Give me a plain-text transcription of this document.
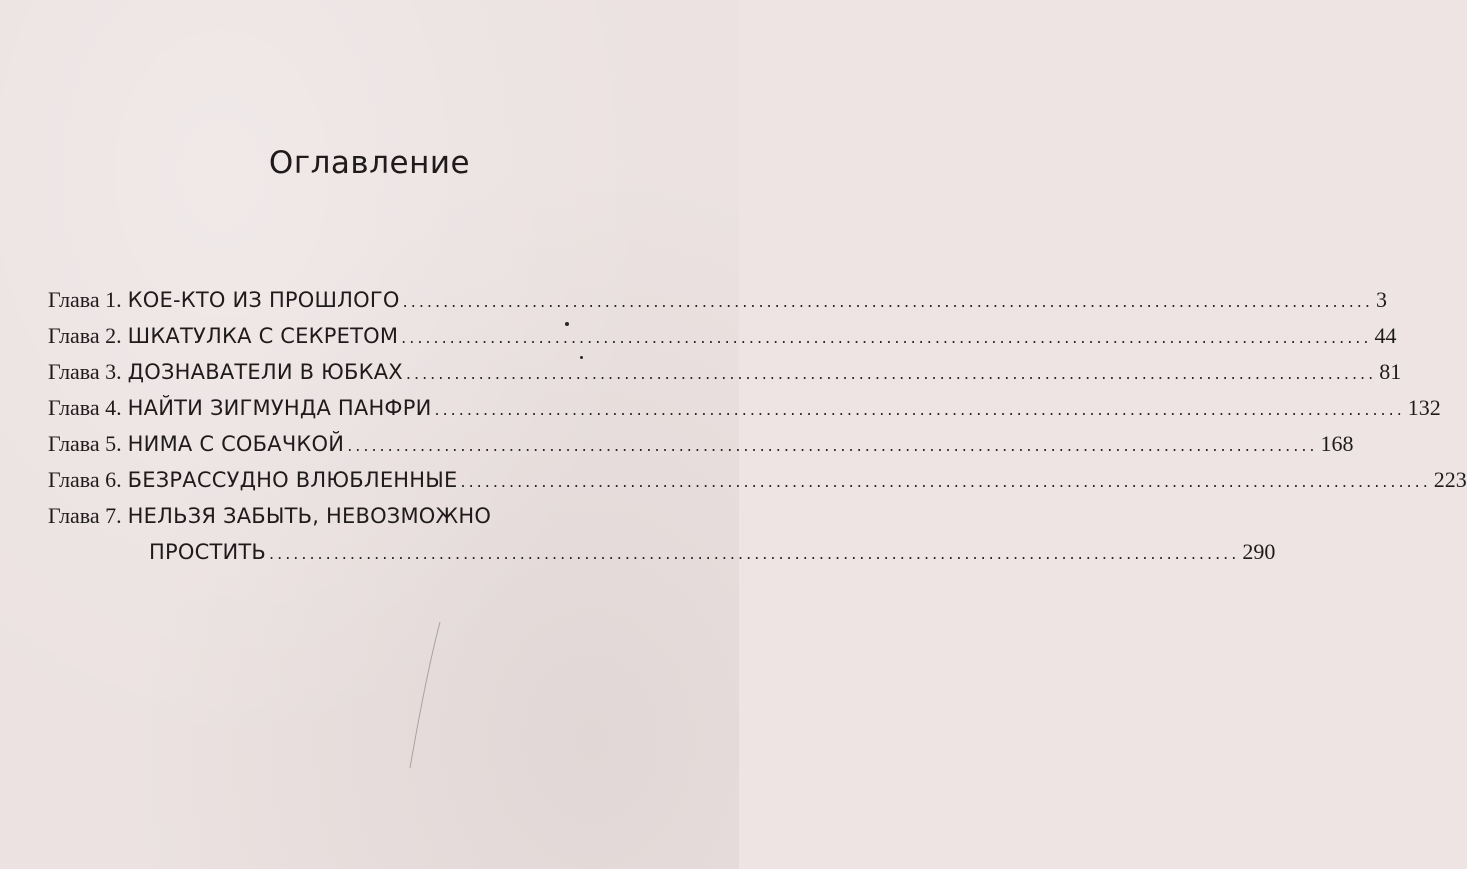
Оглавление
Глава 1. КОЕ-КТО ИЗ ПРОШЛОГО ........................................................................................................................ 3
Глава 2. ШКАТУЛКА С СЕКРЕТОМ ........................................................................................................................ 44
Глава 3. ДОЗНАВАТЕЛИ В ЮБКАХ ........................................................................................................................ 81
Глава 4. НАЙТИ ЗИГМУНДА ПАНФРИ ........................................................................................................................ 132
Глава 5. НИМА С СОБАЧКОЙ ........................................................................................................................ 168
Глава 6. БЕЗРАССУДНО ВЛЮБЛЕННЫЕ ........................................................................................................................ 223
Глава 7. НЕЛЬЗЯ ЗАБЫТЬ, НЕВОЗМОЖНО
ПРОСТИТЬ ........................................................................................................................ 290
